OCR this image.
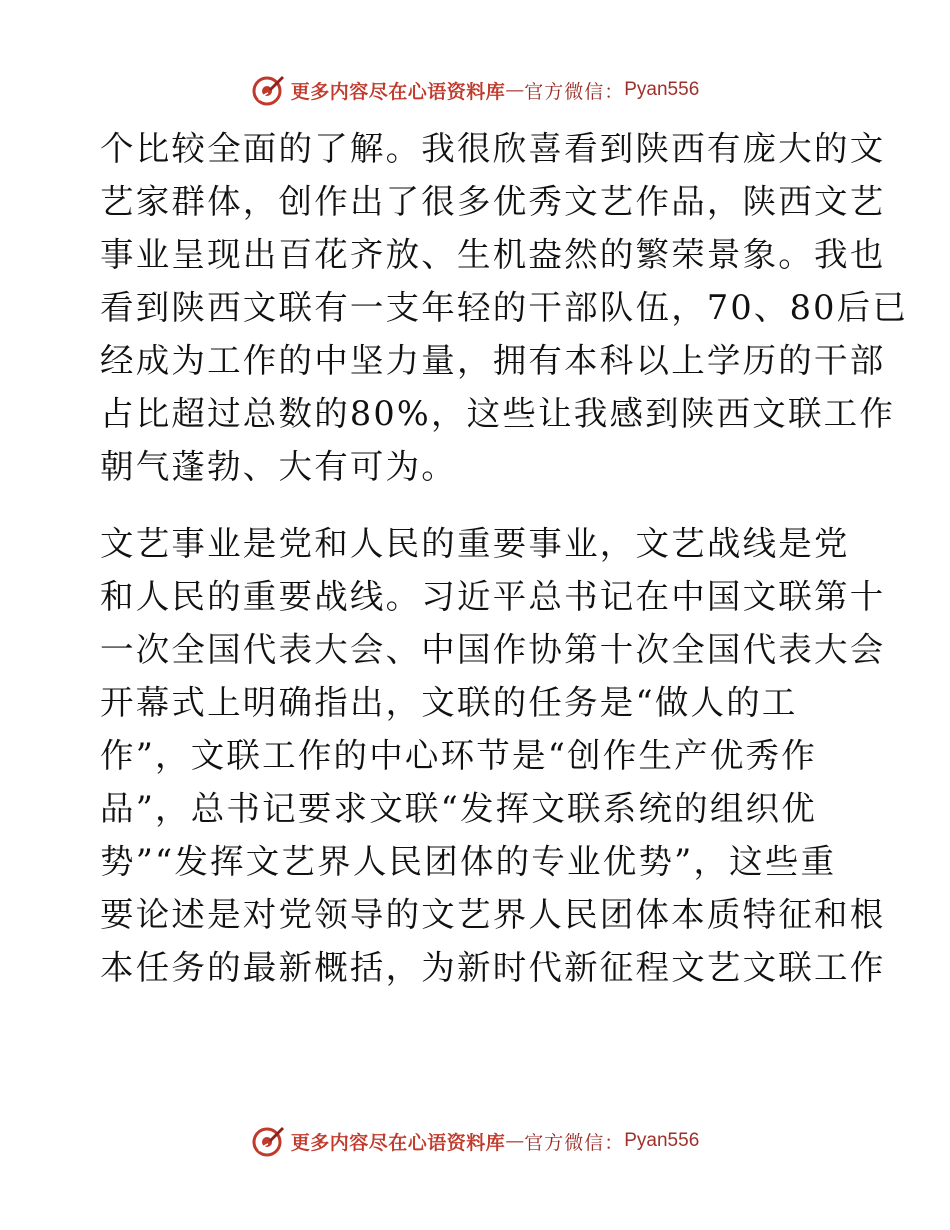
更多内容尽在心语资料库 — 官方微信： Pyan556

个比较全面的了解。我很欣喜看到陕西有庞大的文
艺家群体，创作出了很多优秀文艺作品，陕西文艺
事业呈现出百花齐放、生机盎然的繁荣景象。我也
看到陕西文联有一支年轻的干部队伍，70、80后已
经成为工作的中坚力量，拥有本科以上学历的干部
占比超过总数的80%，这些让我感到陕西文联工作
朝气蓬勃、大有可为。

文艺事业是党和人民的重要事业，文艺战线是党
和人民的重要战线。习近平总书记在中国文联第十
一次全国代表大会、中国作协第十次全国代表大会
开幕式上明确指出，文联的任务是“做人的工
作”，文联工作的中心环节是“创作生产优秀作
品”，总书记要求文联“发挥文联系统的组织优
势”“发挥文艺界人民团体的专业优势”，这些重
要论述是对党领导的文艺界人民团体本质特征和根
本任务的最新概括，为新时代新征程文艺文联工作

更多内容尽在心语资料库 — 官方微信： Pyan556
